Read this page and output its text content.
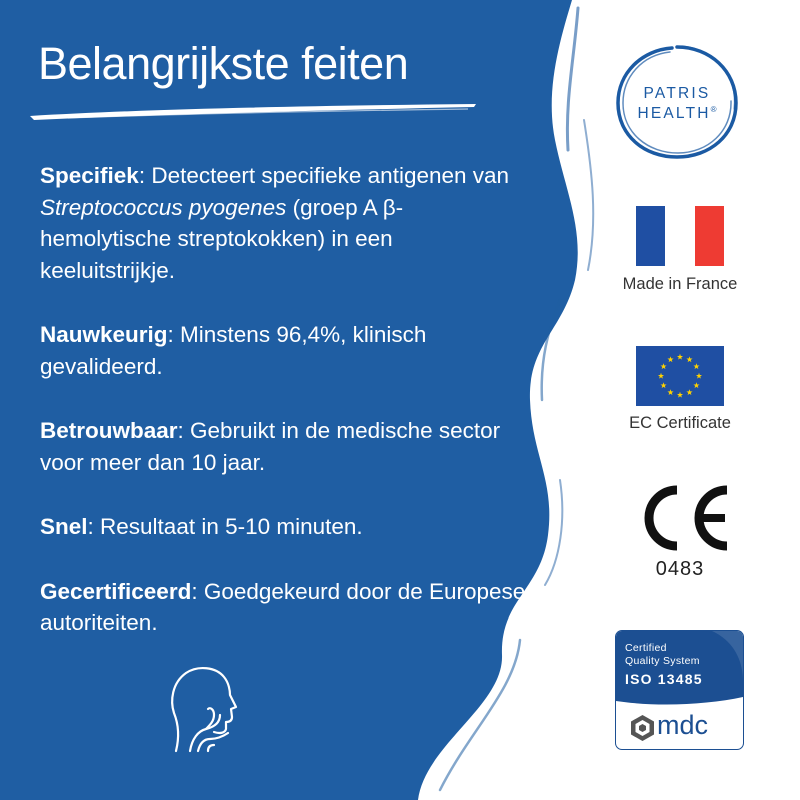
Belangrijkste feiten

Specifiek: Detecteert specifieke antigenen van Streptococcus pyogenes (groep A β-hemolytische streptokokken) in een keeluitstrijkje.

Nauwkeurig: Minstens 96,4%, klinisch gevalideerd.

Betrouwbaar: Gebruikt in de medische sector voor meer dan 10 jaar.

Snel: Resultaat in 5-10 minuten.

Gecertificeerd: Goedgekeurd door de Europese autoriteiten.

PATRIS
HEALTH®
Made in France
EC Certificate
0483
Certified
Quality System
ISO 13485
mdc
